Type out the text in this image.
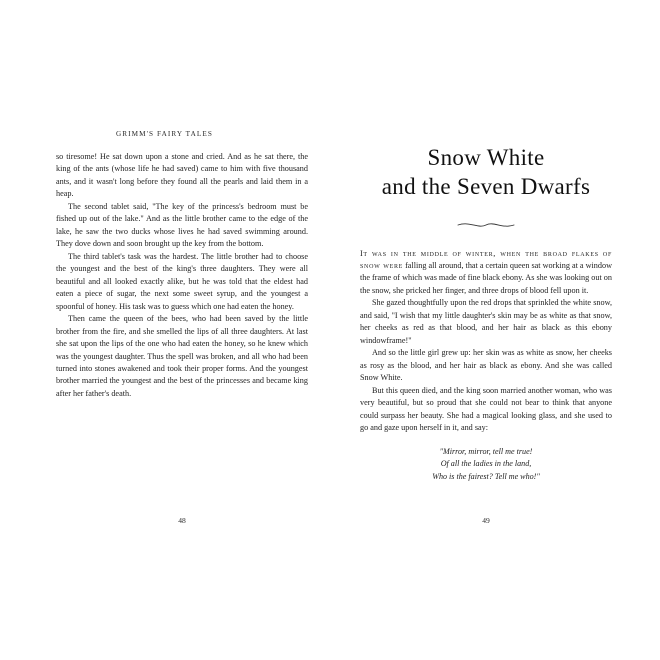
GRIMM'S FAIRY TALES

so tiresome! He sat down upon a stone and cried. And as he sat there, the king of the ants (whose life he had saved) came to him with five thousand ants, and it wasn't long before they found all the pearls and laid them in a heap.

The second tablet said, "The key of the princess's bedroom must be fished up out of the lake." And as the little brother came to the edge of the lake, he saw the two ducks whose lives he had saved swimming around. They dove down and soon brought up the key from the bottom.

The third tablet's task was the hardest. The little brother had to choose the youngest and the best of the king's three daughters. They were all beautiful and all looked exactly alike, but he was told that the eldest had eaten a piece of sugar, the next some sweet syrup, and the youngest a spoonful of honey. His task was to guess which one had eaten the honey.

Then came the queen of the bees, who had been saved by the little brother from the fire, and she smelled the lips of all three daughters. At last she sat upon the lips of the one who had eaten the honey, so he knew which was the youngest daughter. Thus the spell was broken, and all who had been turned into stones awakened and took their proper forms. And the youngest brother married the youngest and the best of the princesses and became king after her father's death.

48
Snow White
and the Seven Dwarfs

It was in the middle of winter, when the broad flakes of snow were falling all around, that a certain queen sat working at a window the frame of which was made of fine black ebony. As she was looking out on the snow, she pricked her finger, and three drops of blood fell upon it.

She gazed thoughtfully upon the red drops that sprinkled the white snow, and said, "I wish that my little daughter's skin may be as white as that snow, her cheeks as red as that blood, and her hair as black as this ebony windowframe!"

And so the little girl grew up: her skin was as white as snow, her cheeks as rosy as the blood, and her hair as black as ebony. And she was called Snow White.

But this queen died, and the king soon married another woman, who was very beautiful, but so proud that she could not bear to think that anyone could surpass her beauty. She had a magical looking glass, and she used to go and gaze upon herself in it, and say:

"Mirror, mirror, tell me true!
Of all the ladies in the land,
Who is the fairest? Tell me who!"
49
